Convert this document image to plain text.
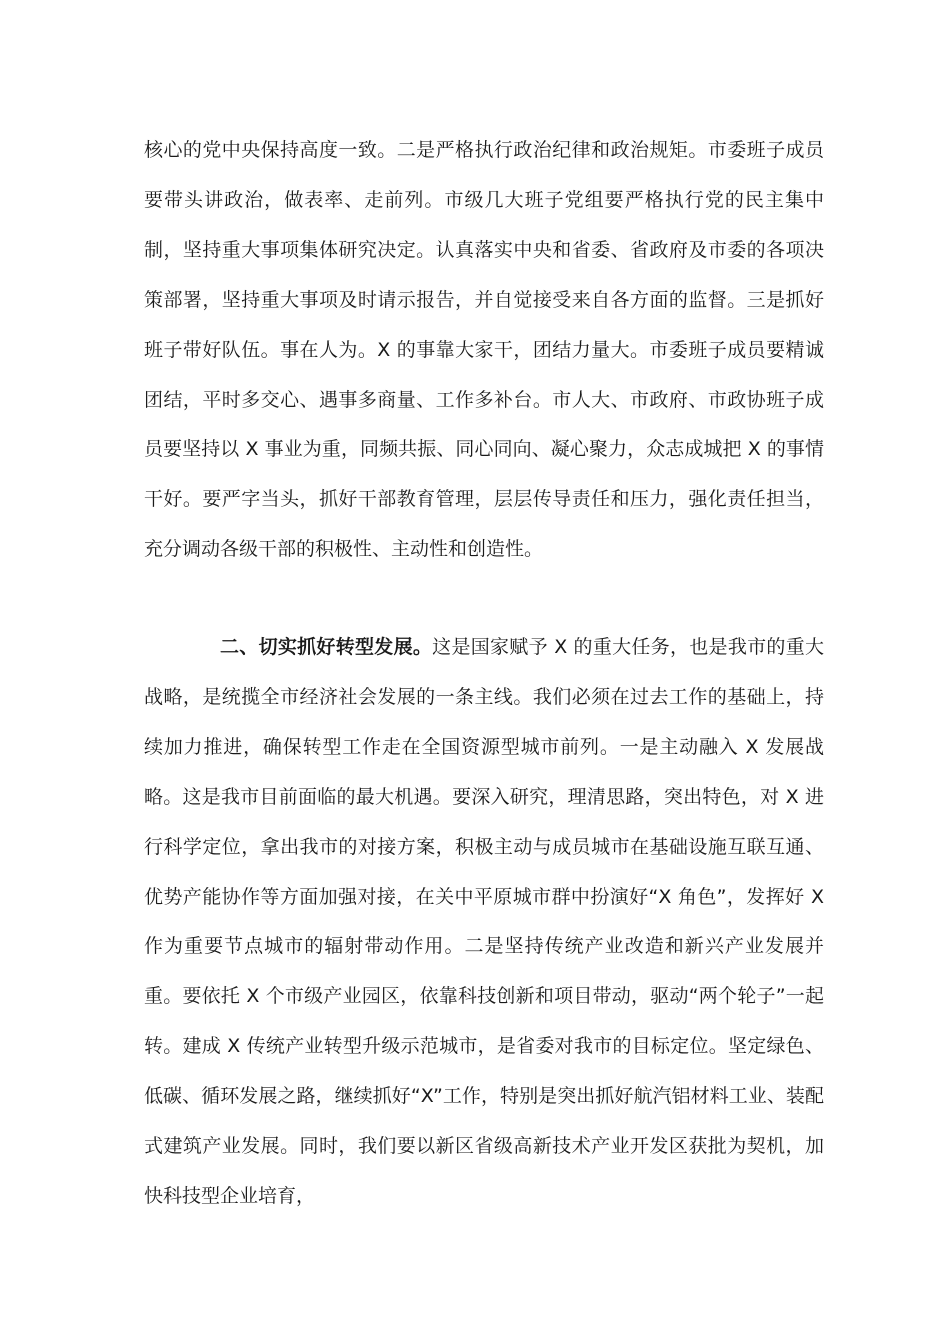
核心的党中央保持高度一致。二是严格执行政治纪律和政治规矩。市委班子成员要带头讲政治，做表率、走前列。市级几大班子党组要严格执行党的民主集中制，坚持重大事项集体研究决定。认真落实中央和省委、省政府及市委的各项决策部署，坚持重大事项及时请示报告，并自觉接受来自各方面的监督。三是抓好班子带好队伍。事在人为。X 的事靠大家干，团结力量大。市委班子成员要精诚团结，平时多交心、遇事多商量、工作多补台。市人大、市政府、市政协班子成员要坚持以 X 事业为重，同频共振、同心同向、凝心聚力，众志成城把 X 的事情干好。要严字当头，抓好干部教育管理，层层传导责任和压力，强化责任担当，充分调动各级干部的积极性、主动性和创造性。

二、切实抓好转型发展。这是国家赋予 X 的重大任务，也是我市的重大战略，是统揽全市经济社会发展的一条主线。我们必须在过去工作的基础上，持续加力推进，确保转型工作走在全国资源型城市前列。一是主动融入 X 发展战略。这是我市目前面临的最大机遇。要深入研究，理清思路，突出特色，对 X 进行科学定位，拿出我市的对接方案，积极主动与成员城市在基础设施互联互通、优势产能协作等方面加强对接，在关中平原城市群中扮演好“X 角色”，发挥好 X 作为重要节点城市的辐射带动作用。二是坚持传统产业改造和新兴产业发展并重。要依托 X 个市级产业园区，依靠科技创新和项目带动，驱动“两个轮子”一起转。建成 X 传统产业转型升级示范城市，是省委对我市的目标定位。坚定绿色、低碳、循环发展之路，继续抓好“X”工作，特别是突出抓好航汽铝材料工业、装配式建筑产业发展。同时，我们要以新区省级高新技术产业开发区获批为契机，加快科技型企业培育，
